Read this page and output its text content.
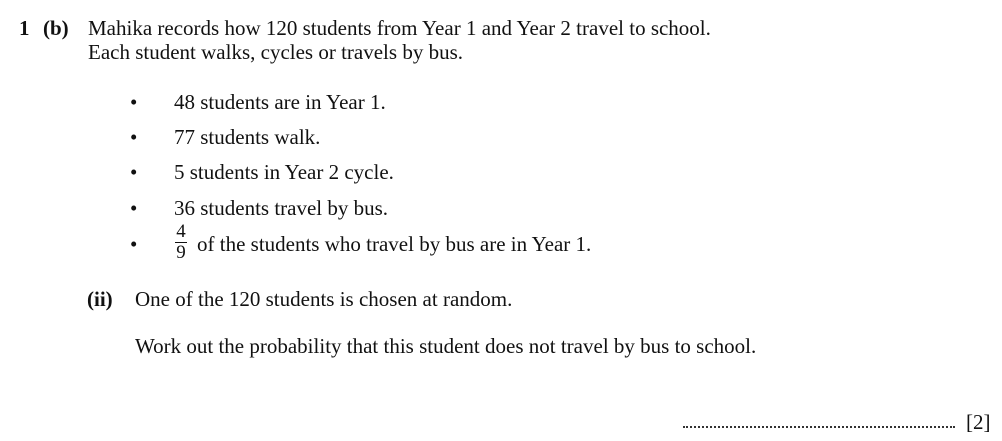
1 (b) Mahika records how 120 students from Year 1 and Year 2 travel to school.
Each student walks, cycles or travels by bus.
• 48 students are in Year 1.
• 77 students walk.
• 5 students in Year 2 cycle.
• 36 students travel by bus.
•
4
9 of the students who travel by bus are in Year 1.
(ii) One of the 120 students is chosen at random.
Work out the probability that this student does not travel by bus to school.
[2]
